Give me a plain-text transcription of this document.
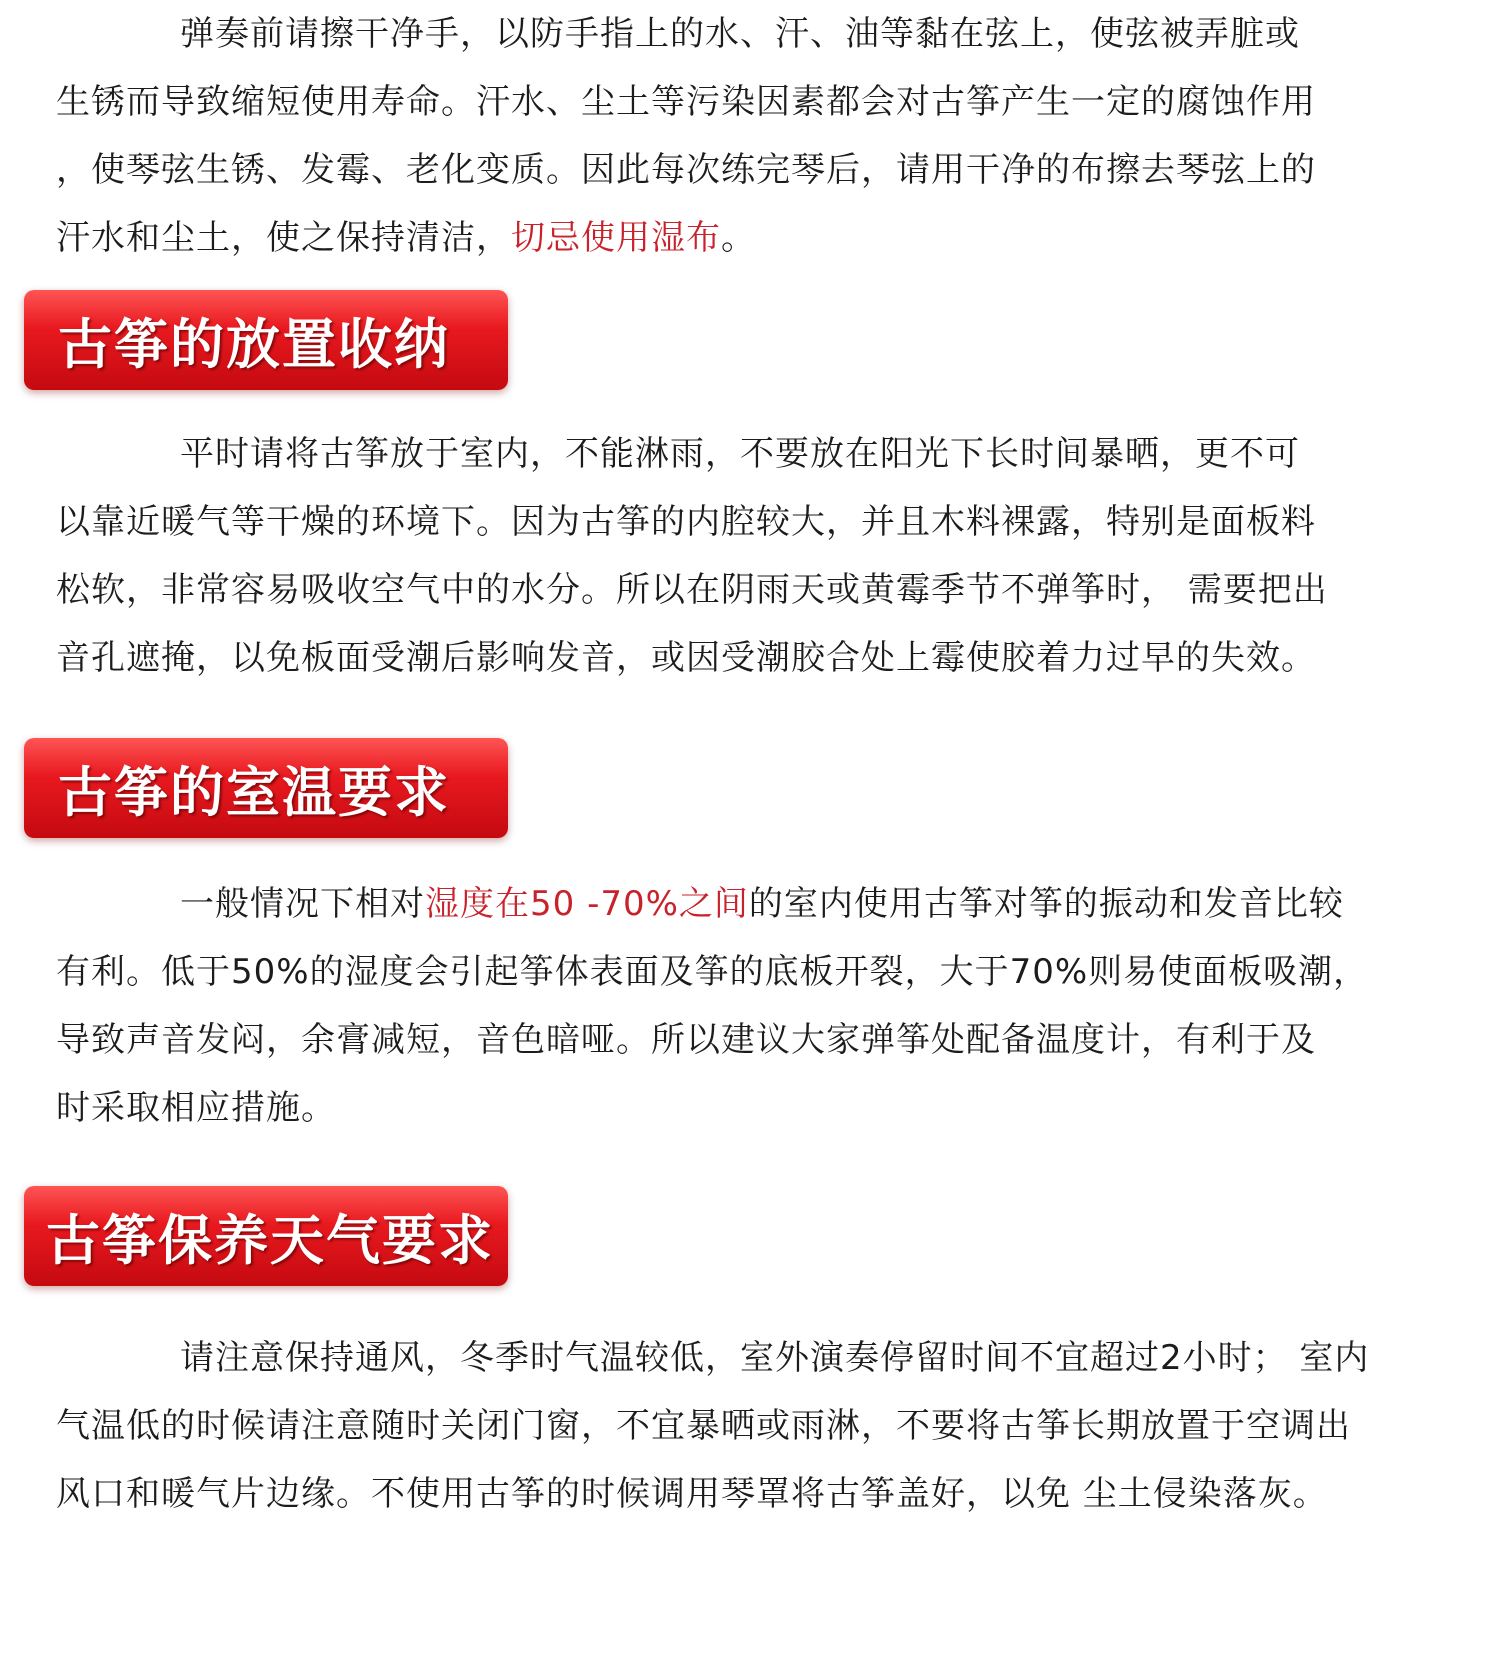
弹奏前请擦干净手，以防手指上的水、汗、油等黏在弦上，使弦被弄脏或
生锈而导致缩短使用寿命。汗水、尘土等污染因素都会对古筝产生一定的腐蚀作用
，使琴弦生锈、发霉、老化变质。因此每次练完琴后，请用干净的布擦去琴弦上的
汗水和尘土，使之保持清洁，切忌使用湿布。
古筝的放置收纳
平时请将古筝放于室内，不能淋雨，不要放在阳光下长时间暴晒，更不可
以靠近暖气等干燥的环境下。因为古筝的内腔较大，并且木料裸露，特别是面板料
松软，非常容易吸收空气中的水分。所以在阴雨天或黄霉季节不弹筝时， 需要把出
音孔遮掩，以免板面受潮后影响发音，或因受潮胶合处上霉使胶着力过早的失效。
古筝的室温要求
一般情况下相对湿度在50 -70%之间的室内使用古筝对筝的振动和发音比较
有利。低于50%的湿度会引起筝体表面及筝的底板开裂，大于70%则易使面板吸潮，
导致声音发闷，余膏减短，音色暗哑。所以建议大家弹筝处配备温度计，有利于及
时采取相应措施。
古筝保养天气要求
请注意保持通风，冬季时气温较低，室外演奏停留时间不宜超过2小时； 室内
气温低的时候请注意随时关闭门窗，不宜暴晒或雨淋，不要将古筝长期放置于空调出
风口和暖气片边缘。不使用古筝的时候调用琴罩将古筝盖好，以免 尘土侵染落灰。
